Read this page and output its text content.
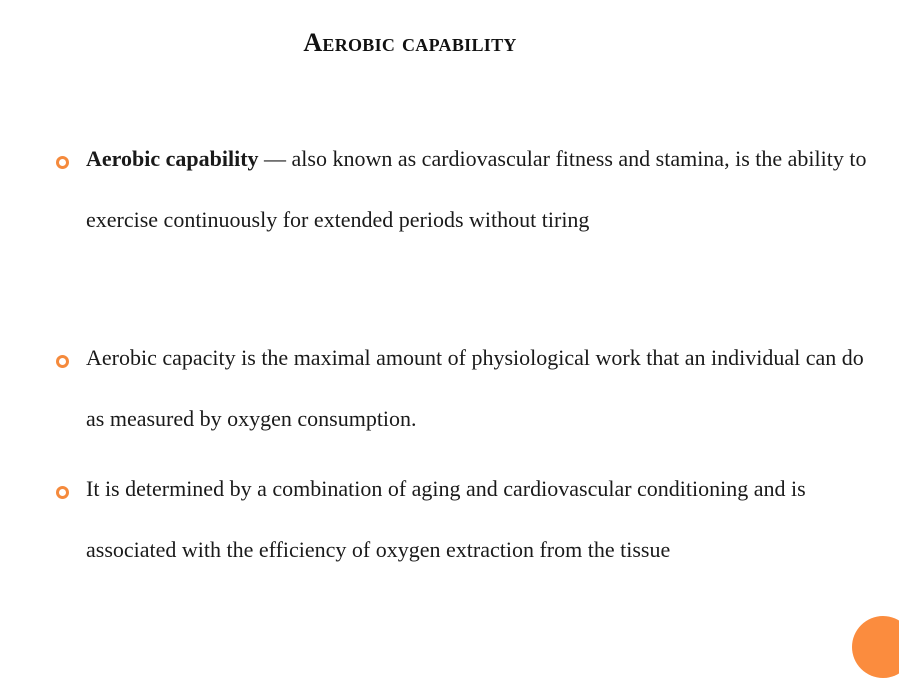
Aerobic capability
Aerobic capability — also known as cardiovascular fitness and stamina, is the ability to exercise continuously for extended periods without tiring
Aerobic capacity is the maximal amount of physiological work that an individual can do as measured by oxygen consumption.
It is determined by a combination of aging and cardiovascular conditioning and is associated with the efficiency of oxygen extraction from the tissue
